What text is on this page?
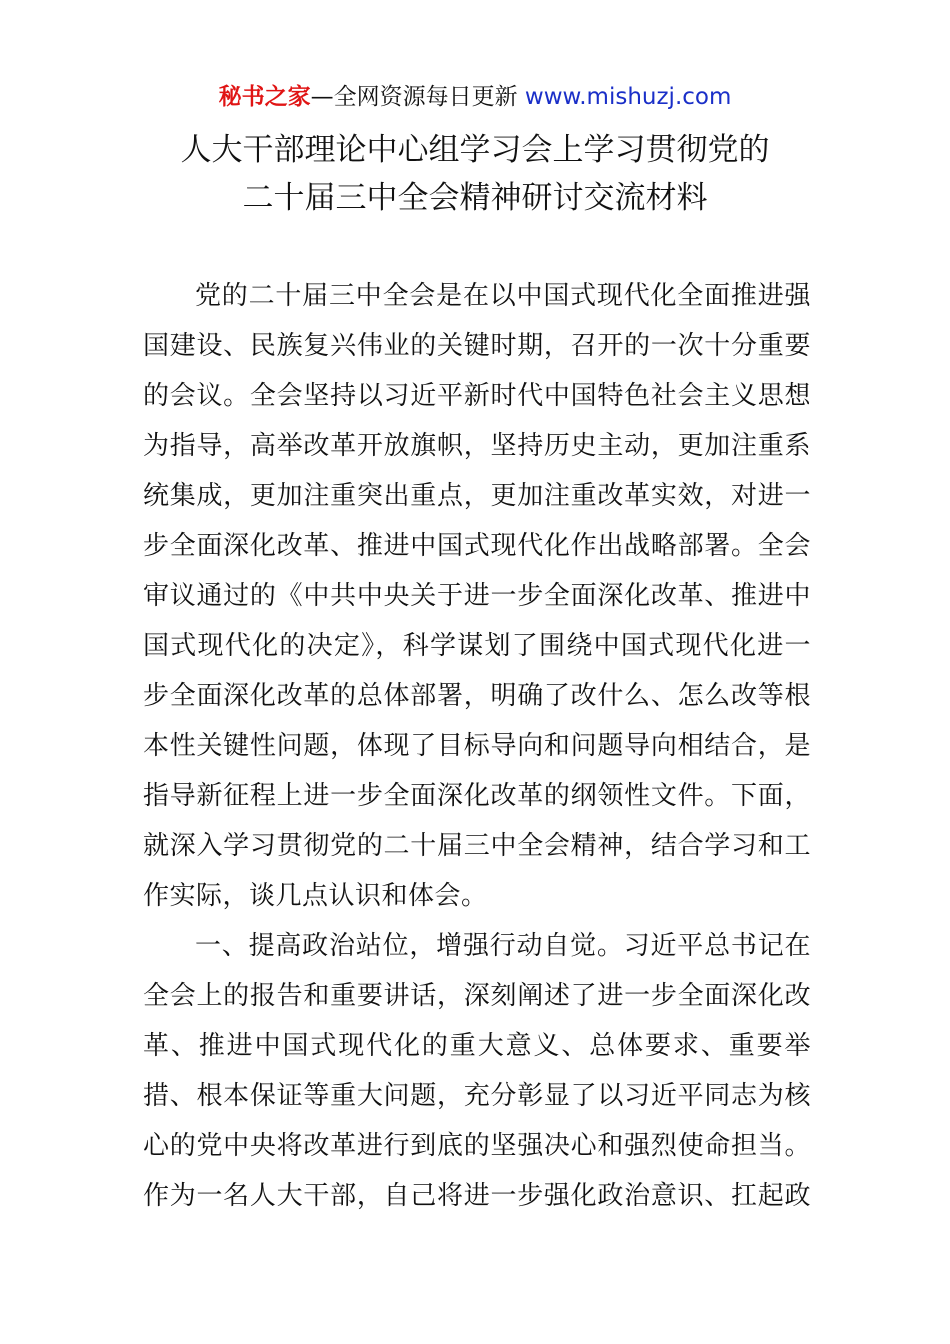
秘书之家—全网资源每日更新 www.mishuzj.com
人大干部理论中心组学习会上学习贯彻党的
二十届三中全会精神研讨交流材料
党的二十届三中全会是在以中国式现代化全面推进强
国建设、民族复兴伟业的关键时期，召开的一次十分重要
的会议。全会坚持以习近平新时代中国特色社会主义思想
为指导，高举改革开放旗帜，坚持历史主动，更加注重系
统集成，更加注重突出重点，更加注重改革实效，对进一
步全面深化改革、推进中国式现代化作出战略部署。全会
审议通过的《中共中央关于进一步全面深化改革、推进中
国式现代化的决定》，科学谋划了围绕中国式现代化进一
步全面深化改革的总体部署，明确了改什么、怎么改等根
本性关键性问题，体现了目标导向和问题导向相结合，是
指导新征程上进一步全面深化改革的纲领性文件。下面，
就深入学习贯彻党的二十届三中全会精神，结合学习和工
作实际，谈几点认识和体会。
一、提高政治站位，增强行动自觉。习近平总书记在
全会上的报告和重要讲话，深刻阐述了进一步全面深化改
革、推进中国式现代化的重大意义、总体要求、重要举
措、根本保证等重大问题，充分彰显了以习近平同志为核
心的党中央将改革进行到底的坚强决心和强烈使命担当。
作为一名人大干部，自己将进一步强化政治意识、扛起政
